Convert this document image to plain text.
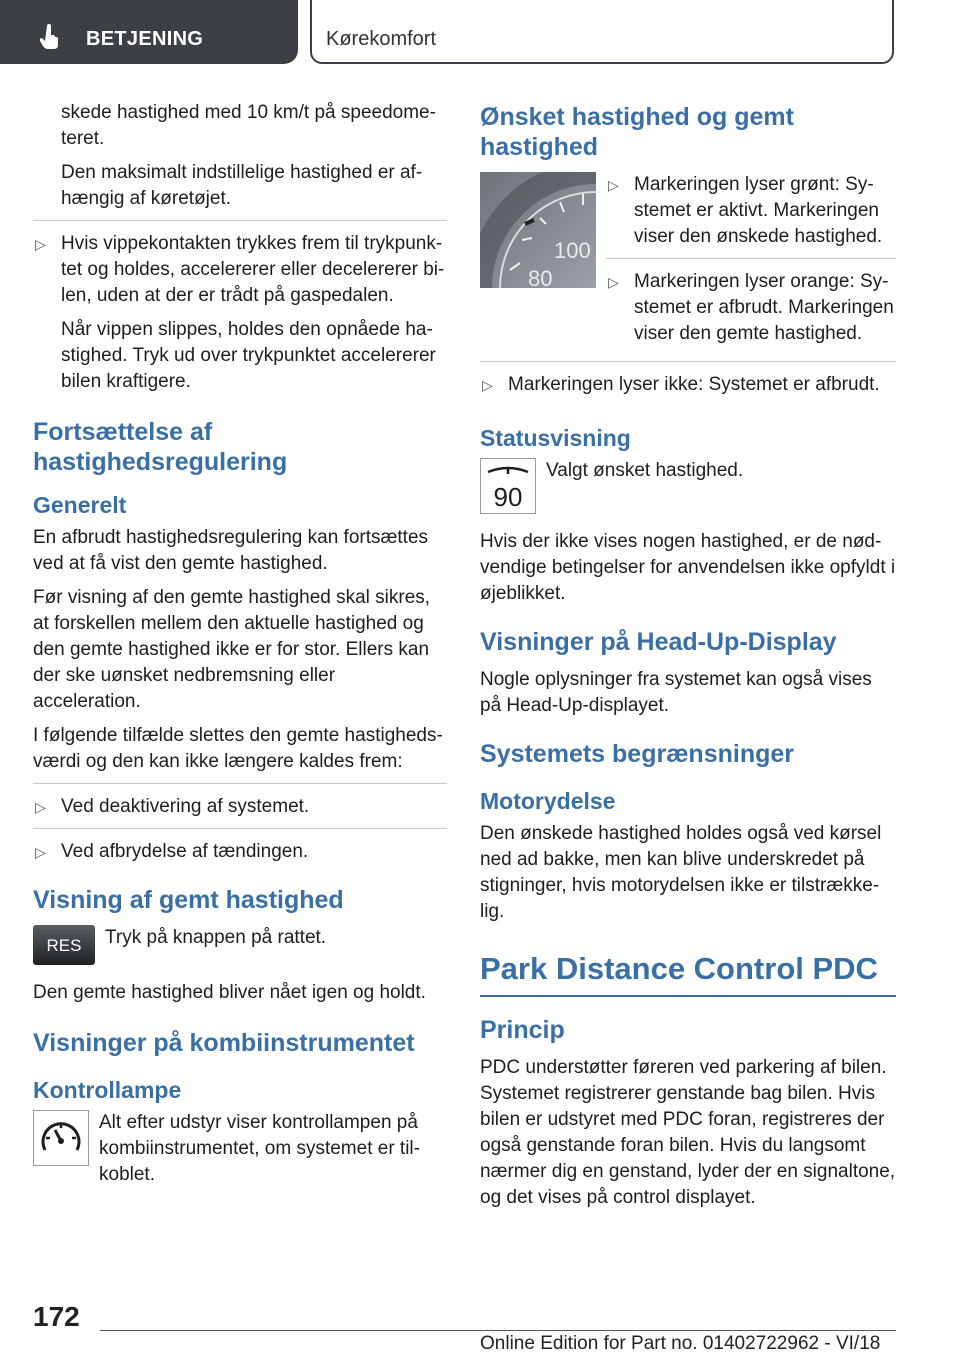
BETJENING	Kørekomfort

skede hastighed med 10 km/t på speedometeret.

Den maksimalt indstillelige hastighed er afhængig af køretøjet.

▷ Hvis vippekontakten trykkes frem til trykpunktet og holdes, accelererer eller decelererer bilen, uden at der er trådt på gaspedalen.

Når vippen slippes, holdes den opnåede hastighed. Tryk ud over trykpunktet accelererer bilen kraftigere.

Fortsættelse af hastighedsregulering
Generelt

En afbrudt hastighedsregulering kan fortsættes ved at få vist den gemte hastighed.

Før visning af den gemte hastighed skal sikres, at forskellen mellem den aktuelle hastighed og den gemte hastighed ikke er for stor. Ellers kan der ske uønsket nedbremsning eller acceleration.

I følgende tilfælde slettes den gemte hastighedsværdi og den kan ikke længere kaldes frem:

▷ Ved deaktivering af systemet.
▷ Ved afbrydelse af tændingen.
Visning af gemt hastighed
RES Tryk på knappen på rattet.

Den gemte hastighed bliver nået igen og holdt.

Visninger på kombiinstrumentet
Kontrollampe

Alt efter udstyr viser kontrollampen på kombiinstrumentet, om systemet er tilkoblet.

Ønsket hastighed og gemt hastighed
100
80
▷ Markeringen lyser grønt: Systemet er aktivt. Markeringen viser den ønskede hastighed.
▷ Markeringen lyser orange: Systemet er afbrudt. Markeringen viser den gemte hastighed.
▷ Markeringen lyser ikke: Systemet er afbrudt.
Statusvisning
90

Valgt ønsket hastighed.

Hvis der ikke vises nogen hastighed, er de nødvendige betingelser for anvendelsen ikke opfyldt i øjeblikket.

Visninger på Head-Up-Display

Nogle oplysninger fra systemet kan også vises på Head-Up-displayet.

Systemets begrænsninger
Motorydelse

Den ønskede hastighed holdes også ved kørsel ned ad bakke, men kan blive underskredet på stigninger, hvis motorydelsen ikke er tilstrækkelig.

Park Distance Control PDC
Princip

PDC understøtter føreren ved parkering af bilen. Systemet registrerer genstande bag bilen. Hvis bilen er udstyret med PDC foran, registreres der også genstande foran bilen. Hvis du langsomt nærmer dig en genstand, lyder der en signaltone, og det vises på control displayet.

172
Online Edition for Part no. 01402722962 - VI/18
